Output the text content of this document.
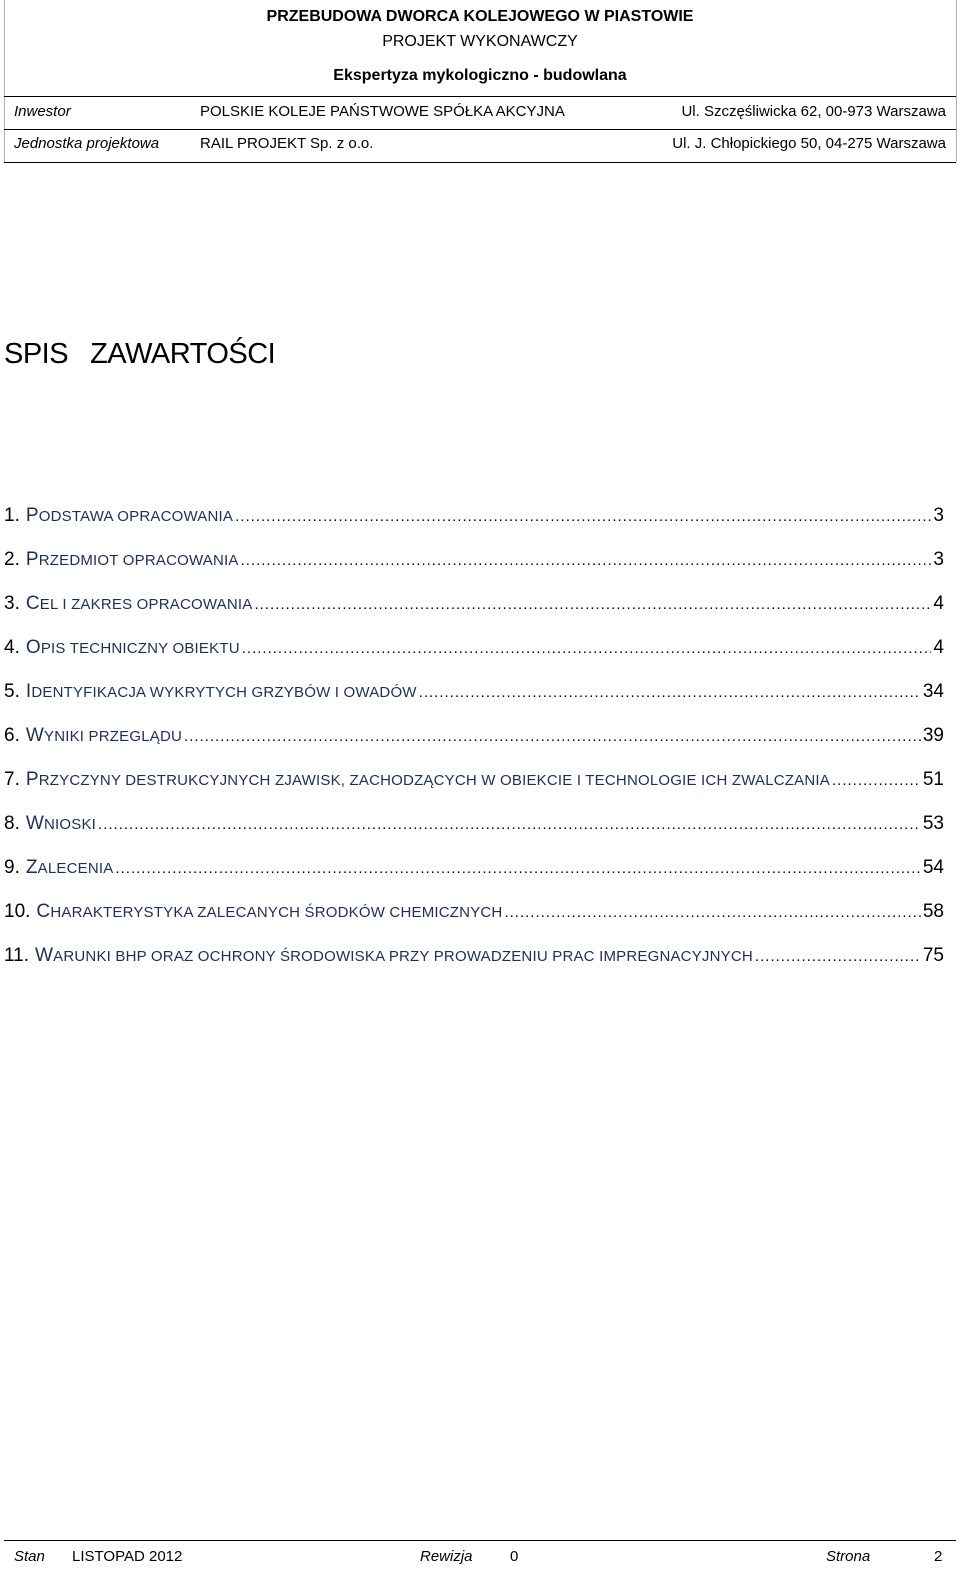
PRZEBUDOWA DWORCA KOLEJOWEGO W PIASTOWIE
PROJEKT WYKONAWCZY
Ekspertyza mykologiczno - budowlana
Inwestor	POLSKIE KOLEJE PAŃSTWOWE SPÓŁKA AKCYJNA	Ul. Szczęśliwicka 62, 00-973 Warszawa
Jednostka projektowa	RAIL PROJEKT Sp. z o.o.	Ul. J. Chłopickiego 50, 04-275 Warszawa
SPIS ZAWARTOŚCI
1. PODSTAWA OPRACOWANIA .....	3
2. PRZEDMIOT OPRACOWANIA .....	3
3. CEL I ZAKRES OPRACOWANIA .....	4
4. OPIS TECHNICZNY OBIEKTU .....	4
5. IDENTYFIKACJA WYKRYTYCH GRZYBÓW I OWADÓW .....	34
6. WYNIKI PRZEGLĄDU .....	39
7. PRZYCZYNY DESTRUKCYJNYCH ZJAWISK, ZACHODZĄCYCH W OBIEKCIE I TECHNOLOGIE ICH ZWALCZANIA .....	51
8. WNIOSKI .....	53
9. ZALECENIA .....	54
10. CHARAKTERYSTYKA ZALECANYCH ŚRODKÓW CHEMICZNYCH .....	58
11. WARUNKI BHP ORAZ OCHRONY ŚRODOWISKA PRZY PROWADZENIU PRAC IMPREGNACYJNYCH .....	75
Stan LISTOPAD 2012	Rewizja 0	Strona	2
